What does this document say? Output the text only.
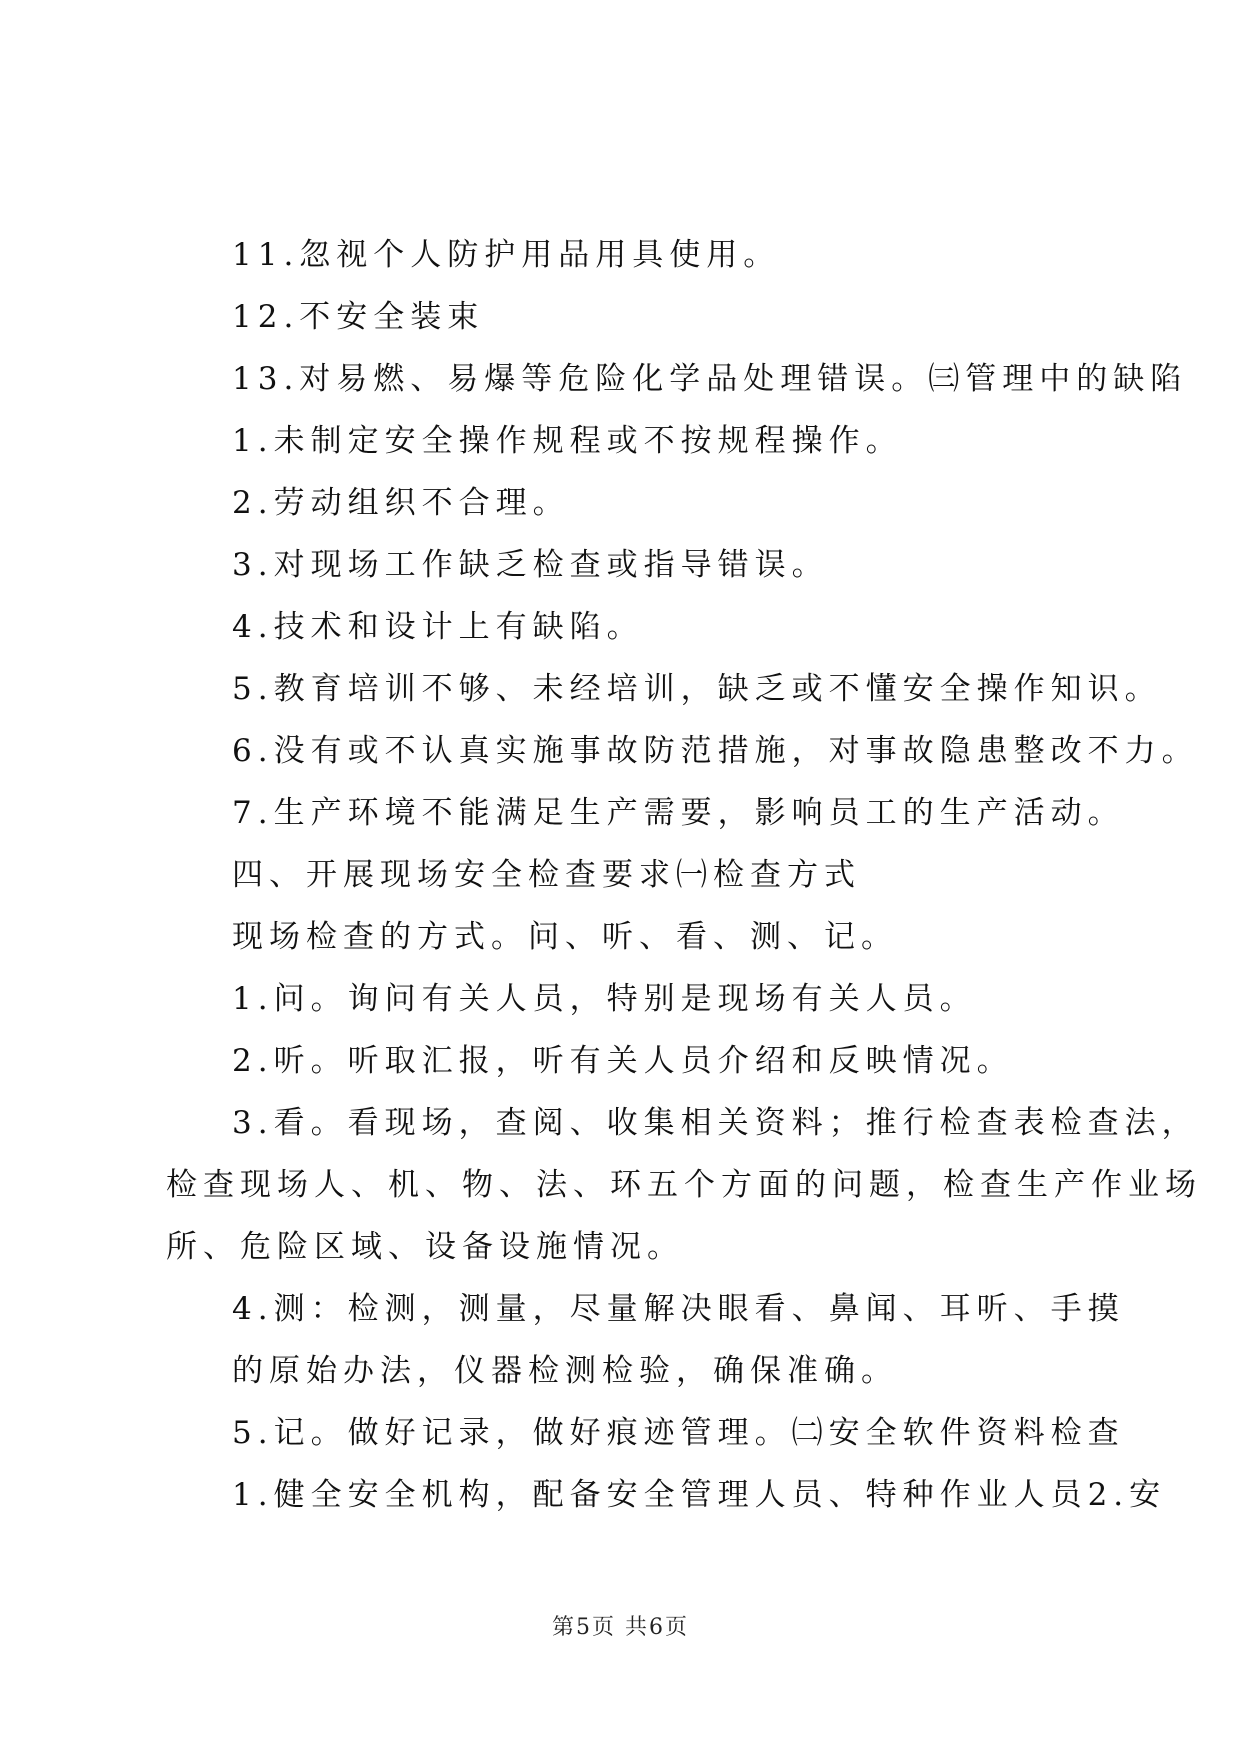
11.忽视个人防护用品用具使用。
12.不安全装束
13.对易燃、易爆等危险化学品处理错误。㈢管理中的缺陷
1.未制定安全操作规程或不按规程操作。
2.劳动组织不合理。
3.对现场工作缺乏检查或指导错误。
4.技术和设计上有缺陷。
5.教育培训不够、未经培训，缺乏或不懂安全操作知识。
6.没有或不认真实施事故防范措施，对事故隐患整改不力。
7.生产环境不能满足生产需要，影响员工的生产活动。
四、开展现场安全检查要求㈠检查方式
现场检查的方式。问、听、看、测、记。
1.问。询问有关人员，特别是现场有关人员。
2.听。听取汇报，听有关人员介绍和反映情况。
3.看。看现场，查阅、收集相关资料；推行检查表检查法，
检查现场人、机、物、法、环五个方面的问题，检查生产作业场
所、危险区域、设备设施情况。
4.测：检测，测量，尽量解决眼看、鼻闻、耳听、手摸
的原始办法，仪器检测检验，确保准确。
5.记。做好记录，做好痕迹管理。㈡安全软件资料检查
1.健全安全机构，配备安全管理人员、特种作业人员2.安
第5页 共6页
